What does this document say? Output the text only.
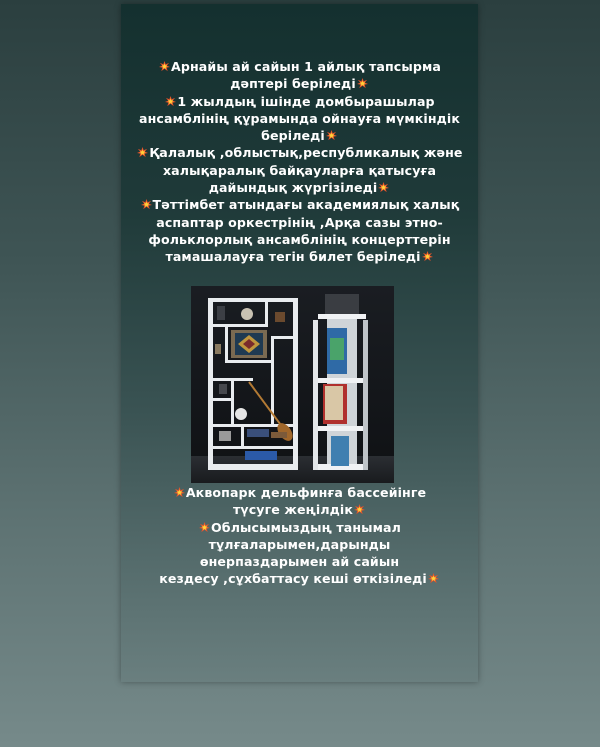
Арнайы ай сайын 1 айлық тапсырма
дәптері беріледі
1 жылдың ішінде домбырашылар
ансамблінің құрамында ойнауға мүмкіндік
беріледі
Қалалық ,облыстық,республикалық және
халықаралық байқауларға қатысуға
дайындық жүргізіледі
Тәттімбет атындағы академиялық халық
аспаптар оркестрінің ,Арқа сазы этно-
фольклорлық ансамблінің концерттерін
тамашалауға тегін билет беріледі
Аквопарк дельфинға бассейінге
түсуге жеңілдік
Облысымыздың танымал
тұлғаларымен,дарынды
өнерпаздарымен ай сайын
кездесу ,сұхбаттасу кеші өткізіледі
